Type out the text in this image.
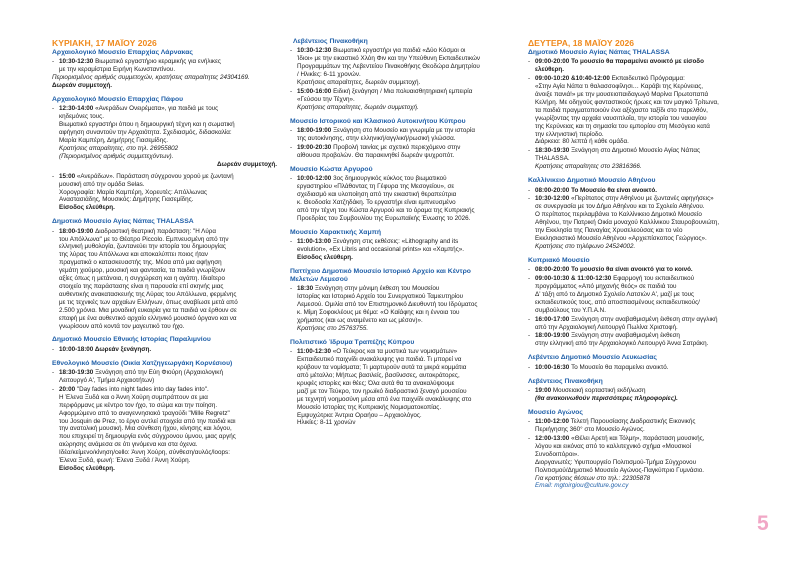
ΚΥΡΙΑΚΗ, 17 ΜΑΪΟΥ 2026
Αρχαιολογικό Μουσείο Επαρχίας Λάρνακας
- 10:30-12:30 Βιωματικό εργαστήριο κεραμικής για ενήλικες

με την κεραμίστρια Ειρήνη Κωνσταντίνου.
Περιορισμένος αριθμός συμμετοχών, κρατήσεις απαραίτητες 24304169.
Δωρεάν συμμετοχή.
Αρχαιολογικό Μουσείο Επαρχίας Πάφου
- 12:30-14:00 «Ανεράδων Ονειρέματα», για παιδιά με τους

κηδεμόνες τους.
Βιωματικό εργαστήρι όπου η δημιουργική τέχνη και η σωματική
αφήγηση συναντούν την Αρχαιότητα. Σχεδιασμός, διδασκαλία:
Μαρία Καμπέρη, Δημήτρης Γιασεμίδης.
Κρατήσεις απαραίτητες, στο τηλ. 26955802
(Περιορισμένος αριθμός συμμετεχόντων).
Δωρεάν συμμετοχή.
- 15:00 «Ανεράδων». Παράσταση σύγχρονου χορού με ζωντανή

μουσική από την ομάδα Selas.
Χορογραφία: Μαρία Καμπέρη, Χορευτές: Απόλλωνας
Αναστασιάδης, Μουσικός: Δημήτρης Γιασεμίδης.
Είσοδος ελεύθερη.
Δημοτικό Μουσείο Αγίας Νάπας THALASSA
- 18:00-19:00 Διαδραστική θεατρική παράσταση: "Η Λύρα

του Απόλλωνα" με το Θέατρο Piccolo. Εμπνευσμένη από την
ελληνική μυθολογία, ζωντανεύει την ιστορία του δημιουργίας
της λύρας του Απόλλωνα και αποκαλύπτει ποιος ήταν
πραγματικά ο κατασκευαστής της. Μέσα από μια αφήγηση
γεμάτη χιούμορ, μουσική και φαντασία, τα παιδιά γνωρίζουν
αξίες όπως η μετάνοια, η συγχώρεση και η αγάπη. Ιδιαίτερο
στοιχείο της παράστασης είναι η παρουσία επί σκηνής μιας
αυθεντικής ανακατασκευής της Λύρας του Απόλλωνα, φερμένης
με τις τεχνικές των αρχαίων Ελλήνων, όπως αναβίωσε μετά από
2.500 χρόνια. Μια μοναδική ευκαιρία για τα παιδιά να έρθουν σε
επαφή με ένα αυθεντικό αρχαίο ελληνικό μουσικό όργανο και να
γνωρίσουν από κοντά τον μαγευτικό του ήχο.
Δημοτικό Μουσείο Εθνικής Ιστορίας Παραλιμνίου
- 10:00-18:00 Δωρεάν ξενάγηση.
Εθνολογικό Μουσείο (Οικία Χατζηγεωργάκη Κορνέσιου)
- 18:30-19:30 Ξενάγηση από την Εύη Φιούρη (Αρχαιολογική

Λειτουργό Α', Τμήμα Αρχαιοτήτων)
- 20:00 "Day fades into night fades into day fades into".

Η Έλενα Ξυδά και ο Άννη Χούρη συμπράττουν σε μια
περφόρμανς με κέντρο τον ήχο, το σώμα και την ποίηση.
Αφορμώμενο από το αναγεννησιακό τραγούδι "Mille Regretz"
του Josquin de Prez, το έργο αντλεί στοιχεία από την παιδιά και
την ανατολική μουσική. Μια σύνθεση ήχου, κίνησης και λόγου,
που επιχειρεί τη δημιουργία ενός σύγχρονου ύμνου, μιας αργής
αιώρησης ανάμεσα σε ότι γινόμενα και στα όχενα.
Ιδέα/κείμενο/κίνηση/cello: Άννη Χούρη, σύνθεση/αυλός/loops:
Έλενα Ξυδά, φωνή: Έλενα Ξυδά / Άννη Χούρη.
Είσοδος ελεύθερη.
Λεβέντειος Πινακοθήκη
- 10:30-12:30 Βιωματικό εργαστήρι για παιδιά «Δύο Κόσμοι οι

Ίδιοι» με την εικαστικό Χλόη Φιν και την Υπεύθυνη Εκπαιδευτικών
Προγραμμάτων της Λεβεντείου Πινακοθήκης Θεοδώρα Δημητρίου
/ Ηλικίες: 6-11 χρονών.
Κρατήσεις απαραίτητες, δωρεάν συμμετοχή.
- 15:00-16:00 Ειδική ξενάγηση / Μια πολυαισθητηριακή εμπειρία

«Γεύσου την Τέχνη».
Κρατήσεις απαραίτητες, δωρεάν συμμετοχή.
Μουσείο Ιστορικού και Κλασικού Αυτοκινήτου Κύπρου
- 18:00-19:00 Ξενάγηση στο Μουσείο και γνωριμία με την ιστορία

της αυτοκίνησης, στην ελληνική/αγγλική/ρωσική γλώσσα.
- 19:00-20:30 Προβολή ταινίας με σχετικό περιεχόμενο στην

αίθουσα προβολών. Θα παρακινηθεί δωρεάν ψυχροπότ.
Μουσείο Κώστα Αργυρού
- 10:00-12:00 3ος δημιουργικός κύκλος του βιωματικού

εργαστηρίου «Πλάθοντας τη Γέφυρα της Μεσογείου», σε
σχεδιασμό και υλοποίηση από την εικαστική θεραπεύτρια
κ. Θεοδοσία Χατζηδάκη. Το εργαστήρι είναι εμπνευσμένο
από την τέχνη του Κώστα Αργυρού και το όραμα της Κυπριακής
Προεδρίας του Συμβουλίου της Ευρωπαϊκής Ένωσης το 2026.
Μουσείο Χαρακτικής Χαμπή
- 11:00-13:00 Ξενάγηση στις εκθέσεις: «Lithography and its

evolution», «Ex Libris and occasional prints» και «Χαμπής».
Είσοδος ελεύθερη.
Παττίχειο Δημοτικό Μουσείο Ιστορικό Αρχείο και Κέντρο
Μελετών Λεμεσού
- 18:30 Ξενάγηση στην μόνιμη έκθεση του Μουσείου

Ιστορίας και Ιστορικό Αρχείο του Συνεργατικού Ταμιευτηρίου
Λεμεσού. Ομιλία από τον Επιστημονικό Διευθυντή του Ιδρύματος
κ. Μίμη Σοφοκλέους με θέμα: «Ο Καϊάφης και η έννοια του
χρήματος (και ως αναιμένετο και ως μέσον)».
Κρατήσεις στο 25763755.
Πολιτιστικό Ίδρυμα Τραπέζης Κύπρου
- 11:00-12:30 «Ο Τεύκρος και τα μυστικά των νομισμάτων»

Εκπαιδευτικό παιχνίδι ανακάλυψης για παιδιά. Τι μπορεί να
κρύβουν τα νομίσματα; Τι μαρτυρούν αυτά τα μικρά κομμάτια
από μέταλλο; Μήπως βασιλείς, βασίλισσες, αυτοκράτορες,
κρυφές ιστορίες και θέες; Όλα αυτά θα τα ανακαλύψουμε
μαζί με τον Τεύκρο, τον ηρωϊκό διαδραστικό ξεναγό μουσείου
με τεχνητή νοημοσύνη μέσα από ένα παιχνίδι ανακάλυψης στο
Μουσείο Ιστορίας της Κυπριακής Νομισματοκοπίας.
Εμψυχώτρια: Άντρια Οραήου – Αρχαιολόγος.
Ηλικίες: 8-11 χρονών
ΔΕΥΤΕΡΑ, 18 ΜΑΪΟΥ 2026
Δημοτικό Μουσείο Αγίας Νάπας THALASSA
- 09:00-20:00 Το μουσείο θα παραμείνει ανοικτό με είσοδο

ελεύθερη.
- 09:00-10:20 &10:40-12:00 Εκπαιδευτικό Πρόγραμμα:

«Στην Αγία Νάπα τι θαλασσοφίλησι… Καράβι της Κερύνειας,
άνοιξε πανιά!» με την μουσειοπαιδαγωγό Μαρίνα Πρωτοπαπά
Κελήρη. Με οδηγούς φανταστικούς ήρωες και τον μαγικό Τρίτωνα,
τα παιδιά πραγματοποιούν ένα αξέχαστο ταξίδι στο παρελθόν,
γνωρίζοντας την αρχαία ναυσιπλοΐα, την ιστορία του ναυαγίου
της Κερύνειας και τη σημασία του εμπορίου στη Μεσόγειο κατά
την ελληνιστική περίοδο.
Διάρκεια: 80 λεπτά ή κάθε ομάδα.
- 18:30-19:30 Ξενάγηση στο Δημοτικό Μουσείο Αγίας Νάπας

THALASSA.
Κρατήσεις απαραίτητες στο 23816366.
Καλλίνικειο Δημοτικό Μουσείο Αθηένου
- 08:00-20:00 Το Μουσείο θα είναι ανοικτό.
- 10:30-12:00 «Περίπατος στην Αθηένου με ζωντανές αφηγήσεις»

σε συνεργασία με τον Δήμο Αθηένου και το Σχολείο Αθηένου.
Ο περίπατος περιλαμβάνει το Καλλίνικειο Δημοτικό Μουσείο
Αθηένου, την Πατρική Οικία μοναχού Καλλίνικου Σταυροβουνιώτη,
την Εκκλησία της Παναγίας Χρυσελεούσας και το νέο
Εκκλησιαστικό Μουσείο Αθηένου «Αρχιεπίσκοπος Γεώργιος».
Κρατήσεις στο τηλέφωνο 24524002.
Κυπριακό Μουσείο
- 08:00-20:00 Το μουσείο θα είναι ανοικτό για το κοινό.
- 09:00-10:30 & 11:00-12:30 Εφαρμογή του εκπαιδευτικού

προγράμματος «Από μηχανής θεός» σε παιδιά του
Δ' τάξη από το Δημοτικό Σχολείο Λατσιών Α', μαζί με τους
εκπαιδευτικούς τους, από αποσπασμένους εκπαιδευτικούς/
συμβούλους του Υ.Π.Α.Ν.
- 16:00-17:00 Ξενάγηση στην αναβαθμισμένη έκθεση στην αγγλική

από την Αρχαιολογική Λειτουργό Πωλίνα Χριστοφή.
- 18:00-19:00 Ξενάγηση στην αναβαθμισμένη έκθεση

στην ελληνική από την Αρχαιολογικό Λειτουργό Άννα Σατράκη.
Λεβέντειο Δημοτικό Μουσείο Λευκωσίας
- 10:00-16:30 Το Μουσείο θα παραμείνει ανοικτό.
Λεβέντειος Πινακοθήκη
- 19:00 Μουσειακή εορταστική εκδήλωση
(θα ανακοινωθούν περισσότερες πληροφορίες).
Μουσείο Αγώνος
- 11:00-12:00 Τελετή Παρουσίασης Διαδραστικής Εικονικής

Περιήγησης 360° στο Μουσείο Αγώνος.
- 12:00-13:00 «Θέλει Αρετή και Τόλμη», παράσταση μουσικής,

λόγου και εικόνας από το καλλιτεχνικό σχήμα «Μουσικοί
Συνοδοιπόροι».
Διοργανωτές: Υφυπουργείο Πολιτισμού-Τμήμα Σύγχρονου
Πολιτισμού/Δημοτικό Μουσείο Αγώνος-Παγκύπριο Γυμνάσιο.
Για κρατήσεις θέσεων στο τηλ.: 22305878
Email: mgtoirgiou@culture.gov.cy
5
